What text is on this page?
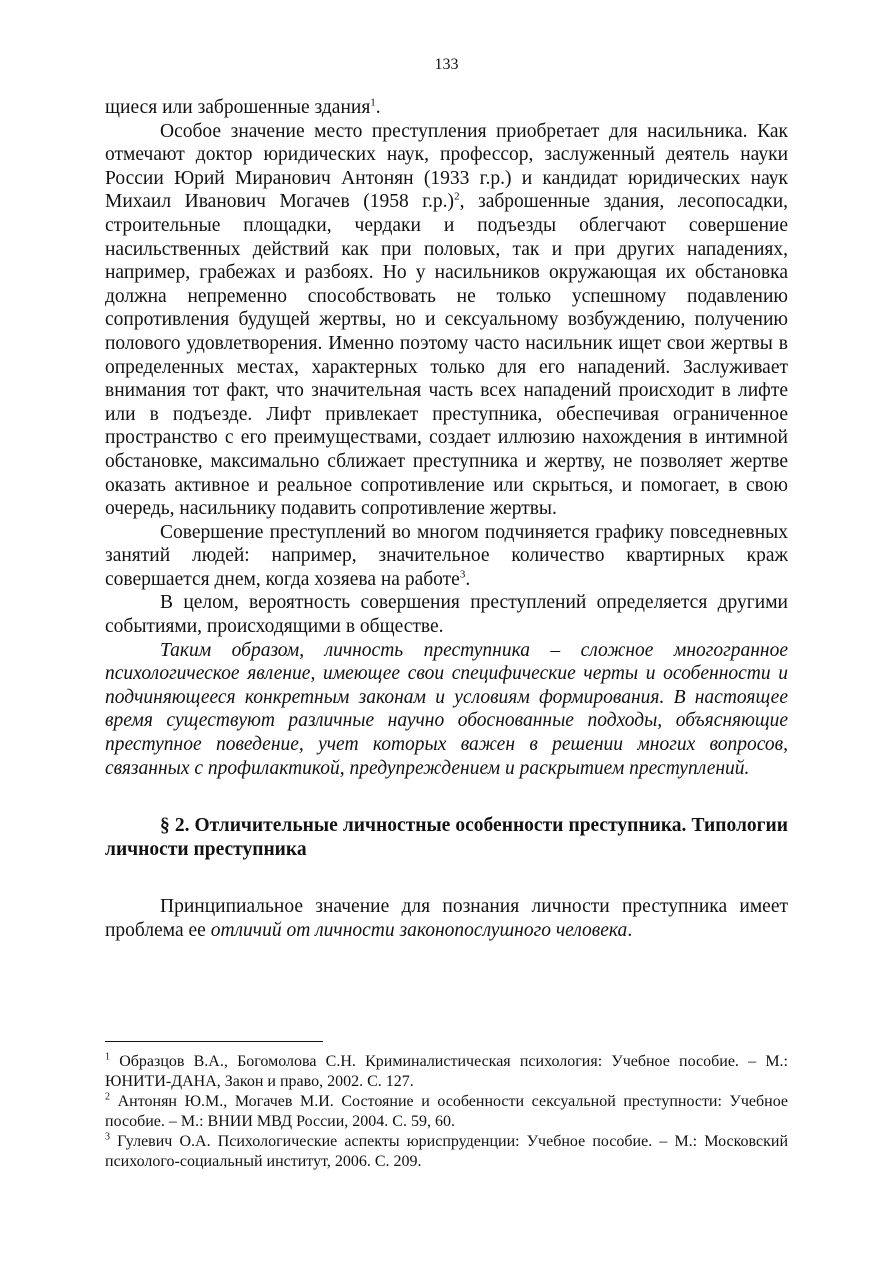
133

щиеся или заброшенные здания$^1$.

Особое значение место преступления приобретает для насильника. Как отмечают доктор юридических наук, профессор, заслуженный деятель науки России Юрий Миранович Антонян (1933 г.р.) и кандидат юридических наук Михаил Иванович Могачев (1958 г.р.)$^2$, заброшенные здания, лесопосадки, строительные площадки, чердаки и подъезды облегчают совершение насильственных действий как при половых, так и при других нападениях, например, грабежах и разбоях. Но у насильников окружающая их обстановка должна непременно способствовать не только успешному подавлению сопротивления будущей жертвы, но и сексуальному возбуждению, получению полового удовлетворения. Именно поэтому часто насильник ищет свои жертвы в определенных местах, характерных только для его нападений. Заслуживает внимания тот факт, что значительная часть всех нападений происходит в лифте или в подъезде. Лифт привлекает преступника, обеспечивая ограниченное пространство с его преимуществами, создает иллюзию нахождения в интимной обстановке, максимально сближает преступника и жертву, не позволяет жертве оказать активное и реальное сопротивление или скрыться, и помогает, в свою очередь, насильнику подавить сопротивление жертвы.

Совершение преступлений во многом подчиняется графику повседневных занятий людей: например, значительное количество квартирных краж совершается днем, когда хозяева на работе$^3$.

В целом, вероятность совершения преступлений определяется другими событиями, происходящими в обществе.

Таким образом, личность преступника – сложное многогранное психологическое явление, имеющее свои специфические черты и особенности и подчиняющееся конкретным законам и условиям формирования. В настоящее время существуют различные научно обоснованные подходы, объясняющие преступное поведение, учет которых важен в решении многих вопросов, связанных с профилактикой, предупреждением и раскрытием преступлений.

§ 2. Отличительные личностные особенности преступника. Типологии личности преступника

Принципиальное значение для познания личности преступника имеет проблема ее отличий от личности законопослушного человека.

$^1$ Образцов В.А., Богомолова С.Н. Криминалистическая психология: Учебное пособие. – М.: ЮНИТИ-ДАНА, Закон и право, 2002. С. 127.

$^2$ Антонян Ю.М., Могачев М.И. Состояние и особенности сексуальной преступности: Учебное пособие. – М.: ВНИИ МВД России, 2004. С. 59, 60.

$^3$ Гулевич О.А. Психологические аспекты юриспруденции: Учебное пособие. – М.: Московский психолого-социальный институт, 2006. С. 209.
